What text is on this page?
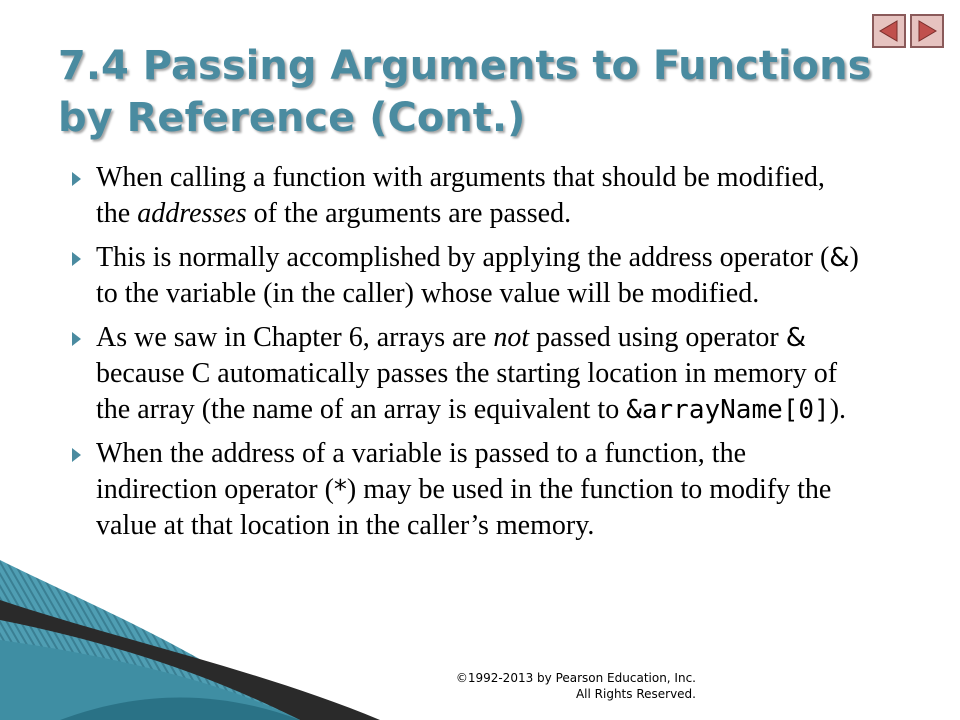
7.4 Passing Arguments to Functions by Reference (Cont.)
When calling a function with arguments that should be modified, the addresses of the arguments are passed.
This is normally accomplished by applying the address operator (&) to the variable (in the caller) whose value will be modified.
As we saw in Chapter 6, arrays are not passed using operator & because C automatically passes the starting location in memory of the array (the name of an array is equivalent to &arrayName[0]).
When the address of a variable is passed to a function, the indirection operator (*) may be used in the function to modify the value at that location in the caller’s memory.
©1992-2013 by Pearson Education, Inc.
All Rights Reserved.
